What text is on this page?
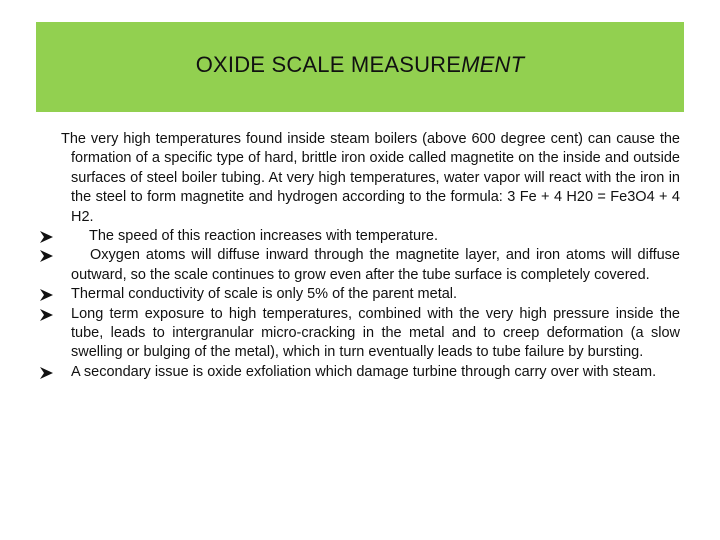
OXIDE SCALE MEASUREMENT

The very high temperatures found inside steam boilers (above 600 degree cent) can cause the formation of a specific type of hard, brittle iron oxide called magnetite on the inside and outside surfaces of steel boiler tubing. At very high temperatures, water vapor will react with the iron in the steel to form magnetite and hydrogen according to the formula: 3 Fe + 4 H20 = Fe3O4 + 4 H2.

The speed of this reaction increases with temperature.
Oxygen atoms will diffuse inward through the magnetite layer, and iron atoms will diffuse outward, so the scale continues to grow even after the tube surface is completely covered.
Thermal conductivity of scale is only 5% of the parent metal.
Long term exposure to high temperatures, combined with the very high pressure inside the tube, leads to intergranular micro-cracking in the metal and to creep deformation (a slow swelling or bulging of the metal), which in turn eventually leads to tube failure by bursting.
A secondary issue is oxide exfoliation which damage turbine through carry over with steam.
